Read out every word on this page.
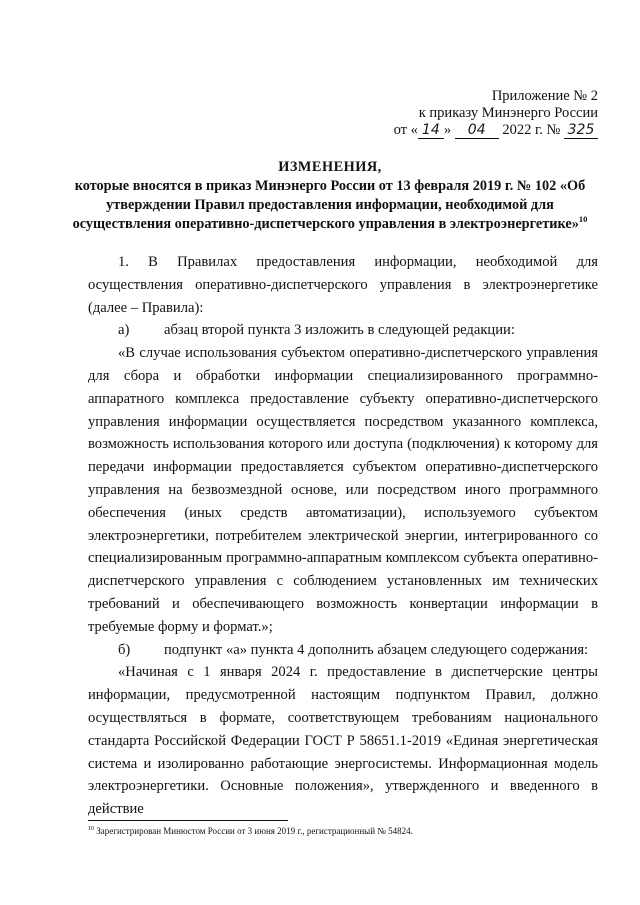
Приложение № 2
к приказу Минэнерго России
от « 14 » 04 2022 г. № 325
ИЗМЕНЕНИЯ,
которые вносятся в приказ Минэнерго России от 13 февраля 2019 г. № 102 «Об утверждении Правил предоставления информации, необходимой для осуществления оперативно-диспетчерского управления в электроэнергетике»$^{10}$
1. В Правилах предоставления информации, необходимой для

осуществления оперативно-диспетчерского управления в электроэнергетике (далее – Правила):

а)	абзац второй пункта 3 изложить в следующей редакции:

«В случае использования субъектом оперативно-диспетчерского управления для сбора и обработки информации специализированного программно-аппаратного комплекса предоставление субъекту оперативно-диспетчерского управления информации осуществляется посредством указанного комплекса, возможность использования которого или доступа (подключения) к которому для передачи информации предоставляется субъектом оперативно-диспетчерского управления на безвозмездной основе, или посредством иного программного обеспечения (иных средств автоматизации), используемого субъектом электроэнергетики, потребителем электрической энергии, интегрированного со специализированным программно-аппаратным комплексом субъекта оперативно-диспетчерского управления с соблюдением установленных им технических требований и обеспечивающего возможность конвертации информации в требуемые форму и формат.»;

б)	подпункт «а» пункта 4 дополнить абзацем следующего содержания:

«Начиная с 1 января 2024 г. предоставление в диспетчерские центры информации, предусмотренной настоящим подпунктом Правил, должно осуществляться в формате, соответствующем требованиям национального стандарта Российской Федерации ГОСТ Р 58651.1-2019 «Единая энергетическая система и изолированно работающие энергосистемы. Информационная модель электроэнергетики. Основные положения», утвержденного и введенного в действие

$^{10}$ Зарегистрирован Минюстом России от 3 июня 2019 г., регистрационный № 54824.
